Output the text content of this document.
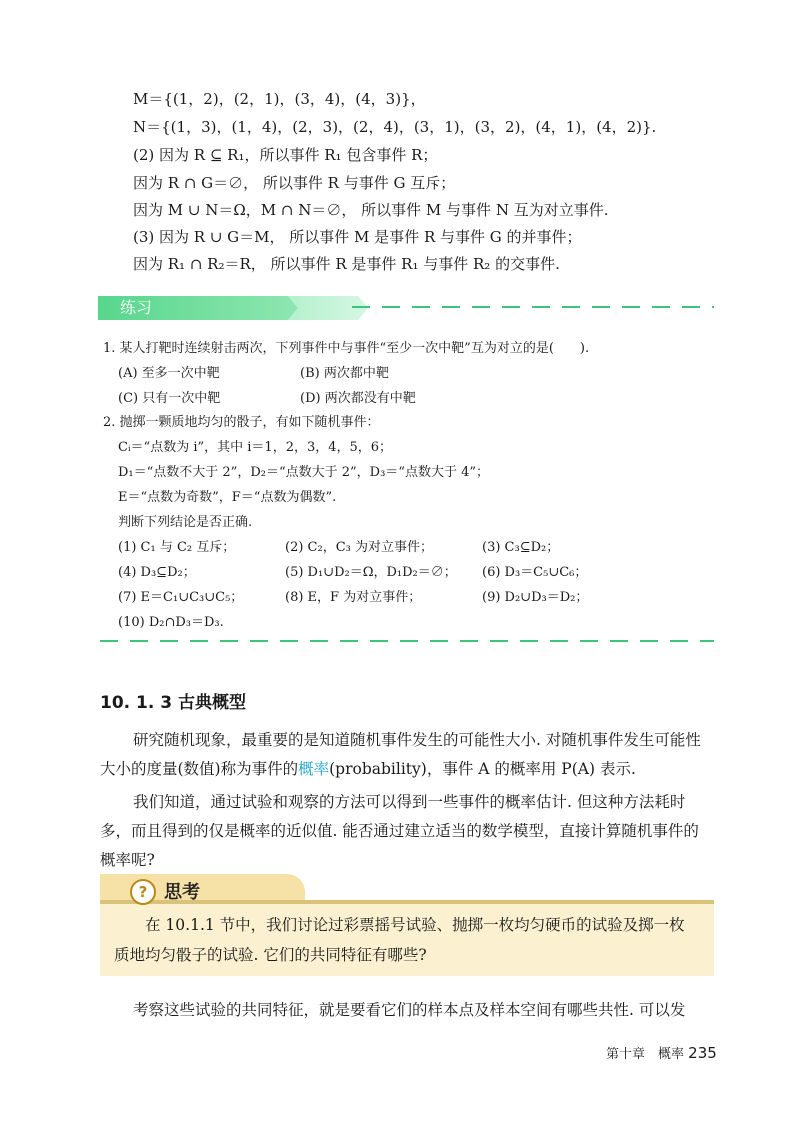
M＝{(1，2)，(2，1)，(3，4)，(4，3)}，
N＝{(1，3)，(1，4)，(2，3)，(2，4)，(3，1)，(3，2)，(4，1)，(4，2)}.
(2) 因为 R ⊆ R₁，所以事件 R₁ 包含事件 R；
因为 R ∩ G＝∅， 所以事件 R 与事件 G 互斥；
因为 M ∪ N＝Ω，M ∩ N＝∅， 所以事件 M 与事件 N 互为对立事件.
(3) 因为 R ∪ G＝M， 所以事件 M 是事件 R 与事件 G 的并事件；
因为 R₁ ∩ R₂＝R， 所以事件 R 是事件 R₁ 与事件 R₂ 的交事件.
练习
1. 某人打靶时连续射击两次，下列事件中与事件“至少一次中靶”互为对立的是(　　).
(A) 至多一次中靶	(B) 两次都中靶
(C) 只有一次中靶	(D) 两次都没有中靶
2. 抛掷一颗质地均匀的骰子，有如下随机事件：
Cᵢ＝“点数为 i”，其中 i＝1，2，3，4，5，6；
D₁＝“点数不大于 2”，D₂＝“点数大于 2”，D₃＝“点数大于 4”；
E＝“点数为奇数”，F＝“点数为偶数”.
判断下列结论是否正确.
(1) C₁ 与 C₂ 互斥；	(2) C₂，C₃ 为对立事件；	(3) C₃⊆D₂；
(4) D₃⊆D₂；	(5) D₁∪D₂＝Ω，D₁D₂＝∅； (6) D₃＝C₅∪C₆；
(7) E＝C₁∪C₃∪C₅；	(8) E，F 为对立事件；	(9) D₂∪D₃＝D₂；
(10) D₂∩D₃＝D₃.
10. 1. 3 古典概型
研究随机现象，最重要的是知道随机事件发生的可能性大小. 对随机事件发生可能性
大小的度量(数值)称为事件的概率(probability)，事件 A 的概率用 P(A) 表示.
我们知道，通过试验和观察的方法可以得到一些事件的概率估计. 但这种方法耗时
多，而且得到的仅是概率的近似值. 能否通过建立适当的数学模型，直接计算随机事件的
概率呢?
? 思考
在 10.1.1 节中，我们讨论过彩票摇号试验、抛掷一枚均匀硬币的试验及掷一枚
质地均匀骰子的试验. 它们的共同特征有哪些?
考察这些试验的共同特征，就是要看它们的样本点及样本空间有哪些共性. 可以发
第十章　概率 235
